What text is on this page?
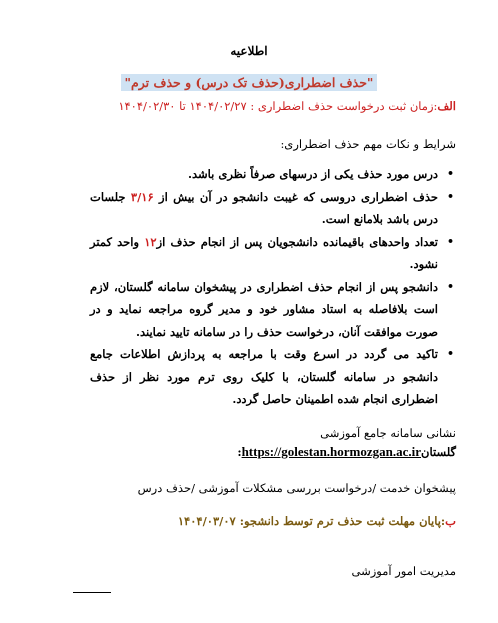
اطلاعیه
"حذف اضطراری(حذف تک درس) و حذف ترم"
الف:زمان ثبت درخواست حذف اضطراری : ۱۴۰۴/۰۲/۲۷ تا ۱۴۰۴/۰۲/۳۰
شرایط و نکات مهم حذف اضطراری:
•
درس مورد حذف یکی از درسهای صرفاً نظری باشد.
•
حذف اضطراری دروسی که غیبت دانشجو در آن بیش از ۳/۱۶ جلسات درس باشد بلامانع است.
•
تعداد واحدهای باقیمانده دانشجویان پس از انجام حذف از۱۲ واحد کمتر نشود.
•
دانشجو پس از انجام حذف اضطراری در پیشخوان سامانه گلستان، لازم است بلافاصله به استاد مشاور خود و مدیر گروه مراجعه نماید و در صورت موافقت آنان، درخواست حذف را در سامانه تایید نمایند.
•
تاکید می گردد در اسرع وقت با مراجعه به پردازش اطلاعات جامع دانشجو در سامانه گلستان، با کلیک روی ترم مورد نظر از حذف اضطراری انجام شده اطمینان حاصل گردد.
نشانی سامانه جامع آموزشی
گلستانhttps://golestan.hormozgan.ac.ir:
پیشخوان خدمت /درخواست بررسی مشکلات آموزشی /حذف درس
ب:پایان مهلت ثبت حذف ترم توسط دانشجو: ۱۴۰۴/۰۳/۰۷
مدیریت امور آموزشی
